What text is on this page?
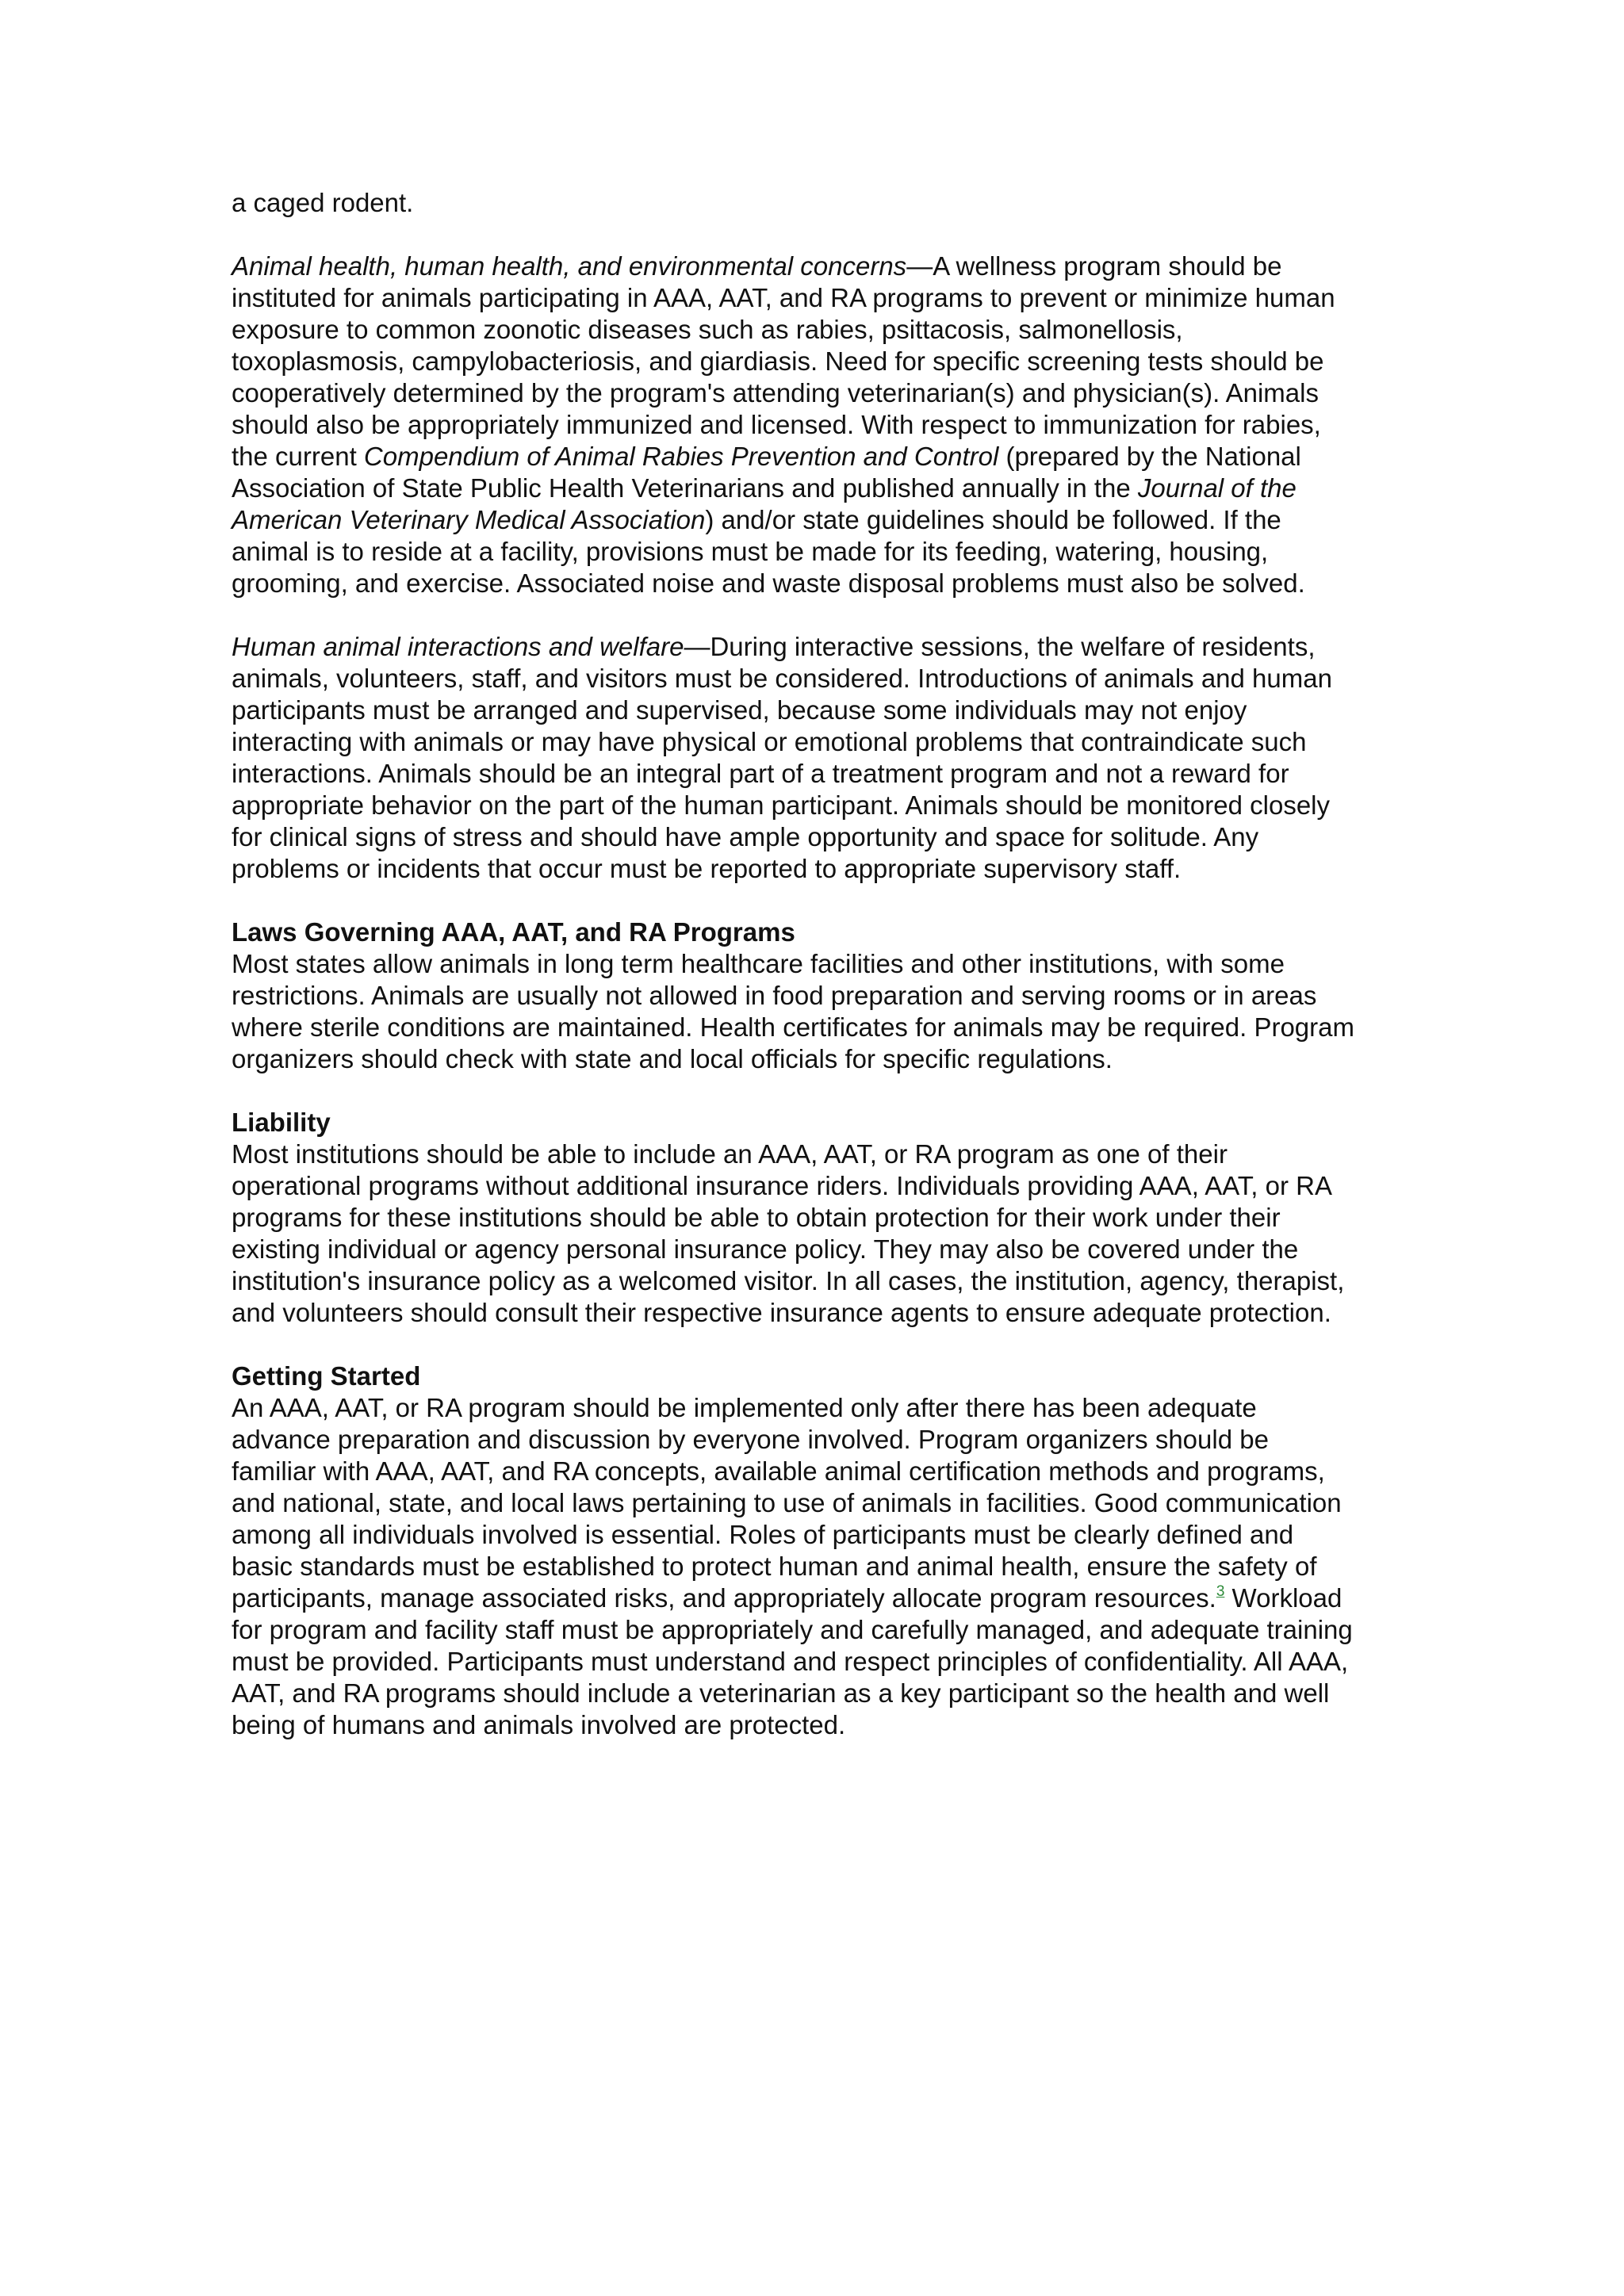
a caged rodent.

Animal health, human health, and environmental concerns—A wellness program should be instituted for animals participating in AAA, AAT, and RA programs to prevent or minimize human exposure to common zoonotic diseases such as rabies, psittacosis, salmonellosis, toxoplasmosis, campylobacteriosis, and giardiasis. Need for specific screening tests should be cooperatively determined by the program's attending veterinarian(s) and physician(s). Animals should also be appropriately immunized and licensed. With respect to immunization for rabies, the current Compendium of Animal Rabies Prevention and Control (prepared by the National Association of State Public Health Veterinarians and published annually in the Journal of the American Veterinary Medical Association) and/or state guidelines should be followed. If the animal is to reside at a facility, provisions must be made for its feeding, watering, housing, grooming, and exercise. Associated noise and waste disposal problems must also be solved.

Human animal interactions and welfare—During interactive sessions, the welfare of residents, animals, volunteers, staff, and visitors must be considered. Introductions of animals and human participants must be arranged and supervised, because some individuals may not enjoy interacting with animals or may have physical or emotional problems that contraindicate such interactions. Animals should be an integral part of a treatment program and not a reward for appropriate behavior on the part of the human participant. Animals should be monitored closely for clinical signs of stress and should have ample opportunity and space for solitude. Any problems or incidents that occur must be reported to appropriate supervisory staff.

Laws Governing AAA, AAT, and RA Programs

Most states allow animals in long term healthcare facilities and other institutions, with some restrictions. Animals are usually not allowed in food preparation and serving rooms or in areas where sterile conditions are maintained. Health certificates for animals may be required. Program organizers should check with state and local officials for specific regulations.

Liability

Most institutions should be able to include an AAA, AAT, or RA program as one of their operational programs without additional insurance riders. Individuals providing AAA, AAT, or RA programs for these institutions should be able to obtain protection for their work under their existing individual or agency personal insurance policy. They may also be covered under the institution's insurance policy as a welcomed visitor. In all cases, the institution, agency, therapist, and volunteers should consult their respective insurance agents to ensure adequate protection.

Getting Started

An AAA, AAT, or RA program should be implemented only after there has been adequate advance preparation and discussion by everyone involved. Program organizers should be familiar with AAA, AAT, and RA concepts, available animal certification methods and programs, and national, state, and local laws pertaining to use of animals in facilities. Good communication among all individuals involved is essential. Roles of participants must be clearly defined and basic standards must be established to protect human and animal health, ensure the safety of participants, manage associated risks, and appropriately allocate program resources.$^3$ Workload for program and facility staff must be appropriately and carefully managed, and adequate training must be provided. Participants must understand and respect principles of confidentiality. All AAA, AAT, and RA programs should include a veterinarian as a key participant so the health and well being of humans and animals involved are protected.
